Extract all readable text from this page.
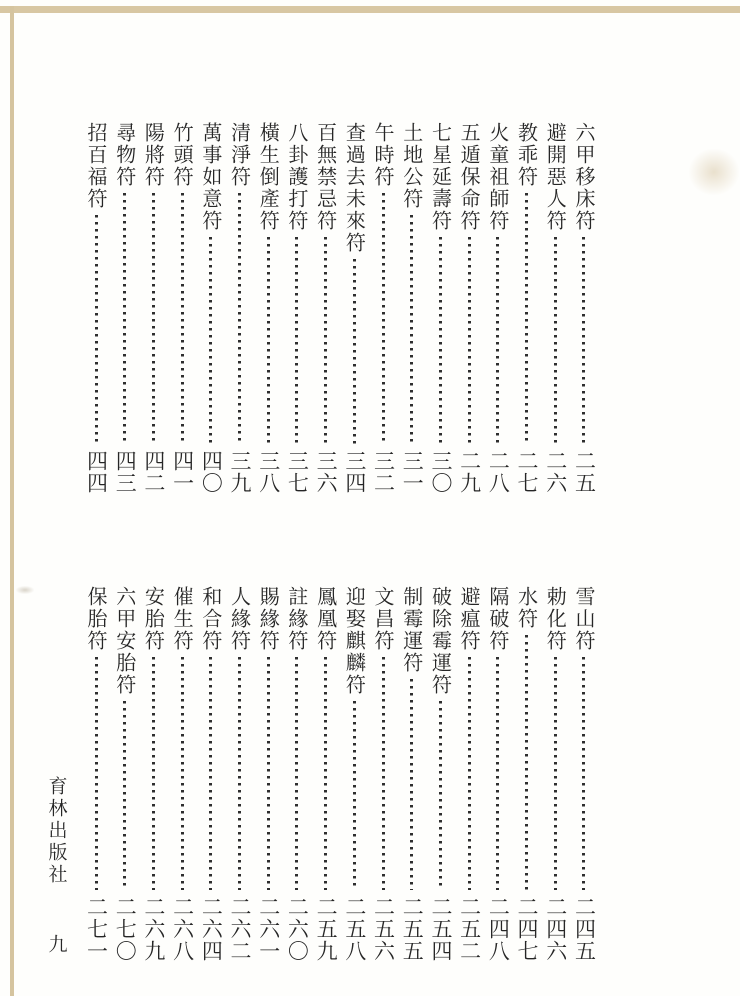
六甲移床符
二五
避開惡人符
二六
教乖符
二七
火童祖師符
二八
五遁保命符
二九
七星延壽符
三〇
土地公符
三一
午時符
三二
查過去未來符
三四
百無禁忌符
三六
八卦護打符
三七
橫生倒產符
三八
清淨符
三九
萬事如意符
四〇
竹頭符
四一
陽將符
四二
尋物符
四三
招百福符
四四
雪山符
二四五
勅化符
二四六
水符
二四七
隔破符
二四八
避瘟符
二五二
破除霉運符
二五四
制霉運符
二五五
文昌符
二五六
迎娶麒麟符
二五八
鳳凰符
二五九
註緣符
二六〇
賜緣符
二六一
人緣符
二六二
和合符
二六四
催生符
二六八
安胎符
二六九
六甲安胎符
二七〇
保胎符
二七一
育林出版社
九
